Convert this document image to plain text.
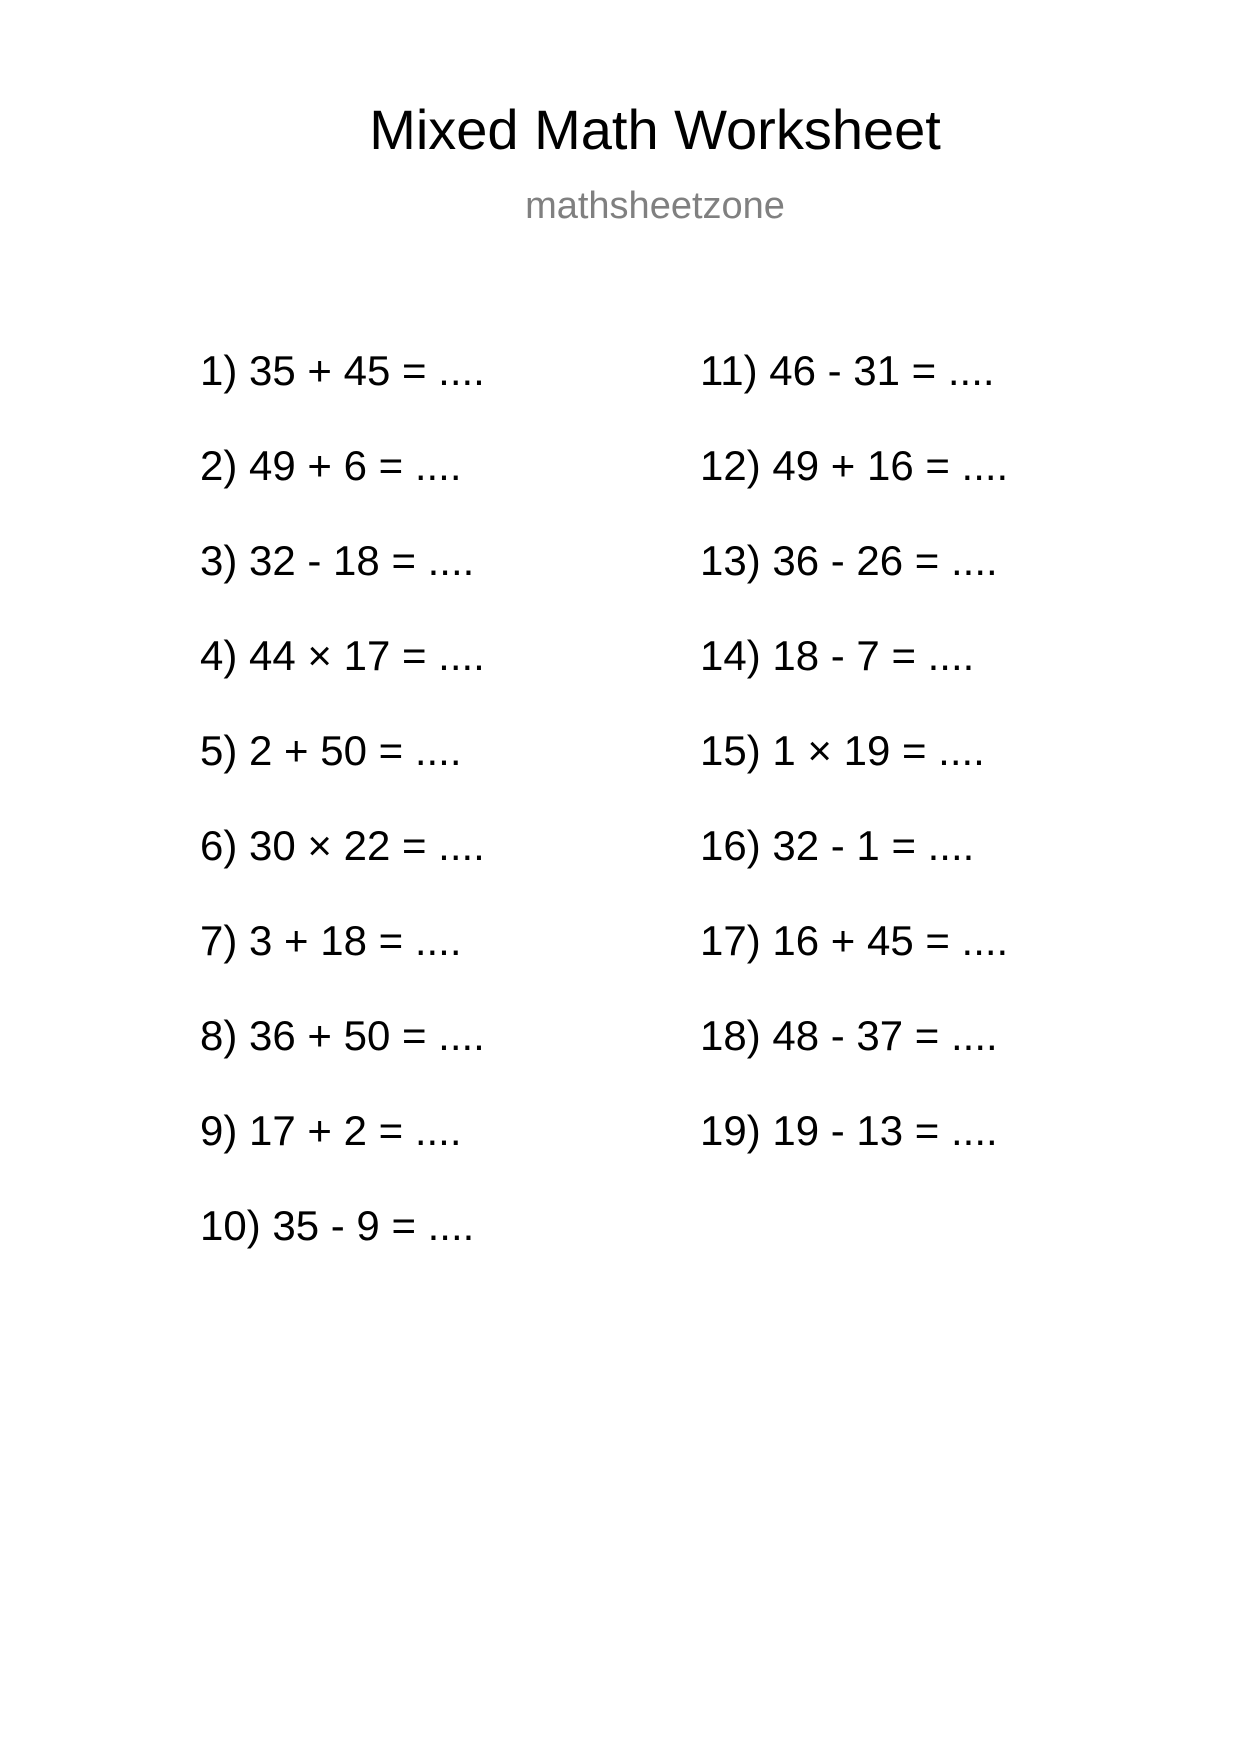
Mixed Math Worksheet
mathsheetzone
1) 35 + 45 = ....
2) 49 + 6 = ....
3) 32 - 18 = ....
4) 44 × 17 = ....
5) 2 + 50 = ....
6) 30 × 22 = ....
7) 3 + 18 = ....
8) 36 + 50 = ....
9) 17 + 2 = ....
10) 35 - 9 = ....
11) 46 - 31 = ....
12) 49 + 16 = ....
13) 36 - 26 = ....
14) 18 - 7 = ....
15) 1 × 19 = ....
16) 32 - 1 = ....
17) 16 + 45 = ....
18) 48 - 37 = ....
19) 19 - 13 = ....
